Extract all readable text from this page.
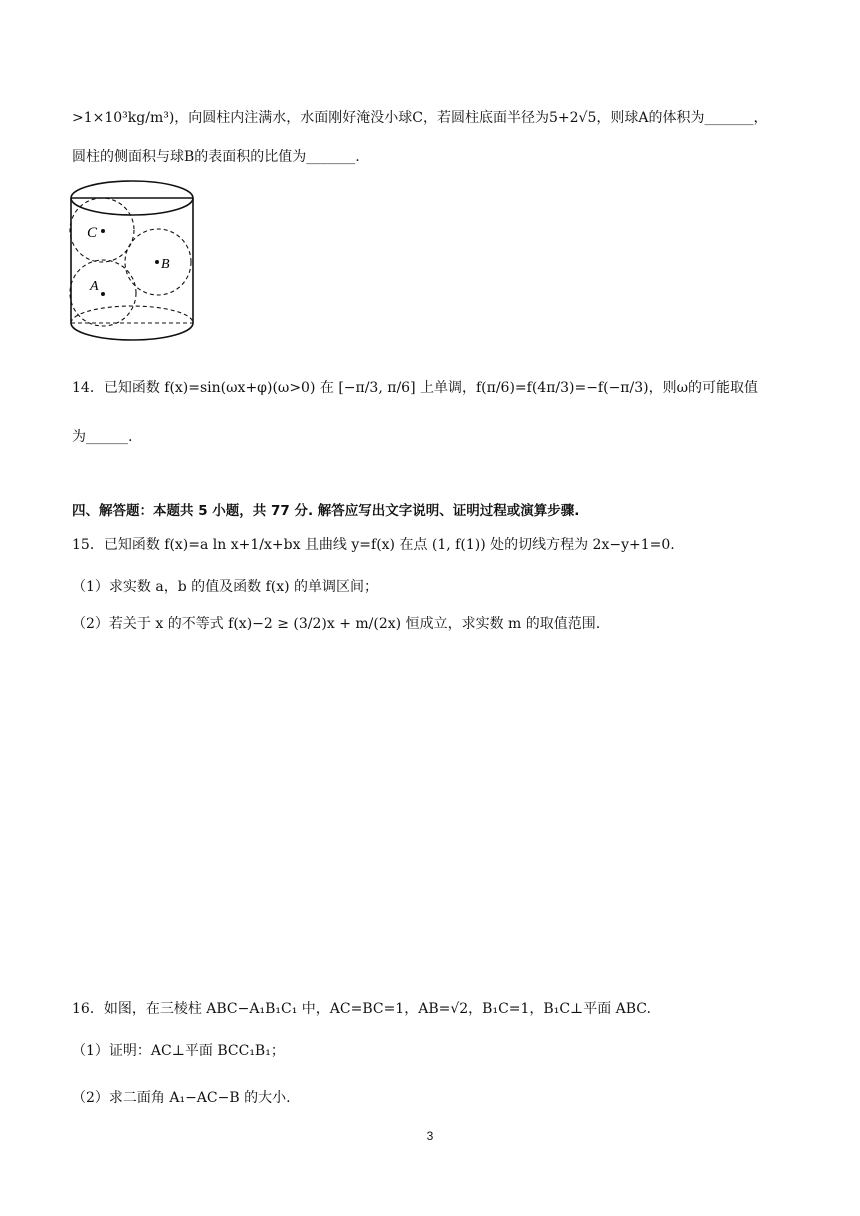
>1×10³kg/m³)，向圆柱内注满水，水面刚好淹没小球C，若圆柱底面半径为5+2√5，则球A的体积为_______，
圆柱的侧面积与球B的表面积的比值为_______.
C
B
A
14．已知函数 f(x)=sin(ωx+φ)(ω>0) 在 [−π/3, π/6] 上单调，f(π/6)=f(4π/3)=−f(−π/3)，则ω的可能取值
为______.
四、解答题：本题共 5 小题，共 77 分. 解答应写出文字说明、证明过程或演算步骤.
15．已知函数 f(x)=a ln x+1/x+bx 且曲线 y=f(x) 在点 (1, f(1)) 处的切线方程为 2x−y+1=0.
（1）求实数 a，b 的值及函数 f(x) 的单调区间；
（2）若关于 x 的不等式 f(x)−2 ≥ (3/2)x + m/(2x) 恒成立，求实数 m 的取值范围.
16．如图，在三棱柱 ABC−A₁B₁C₁ 中，AC=BC=1，AB=√2，B₁C=1，B₁C⊥平面 ABC.
（1）证明：AC⊥平面 BCC₁B₁；
（2）求二面角 A₁−AC−B 的大小.
3
